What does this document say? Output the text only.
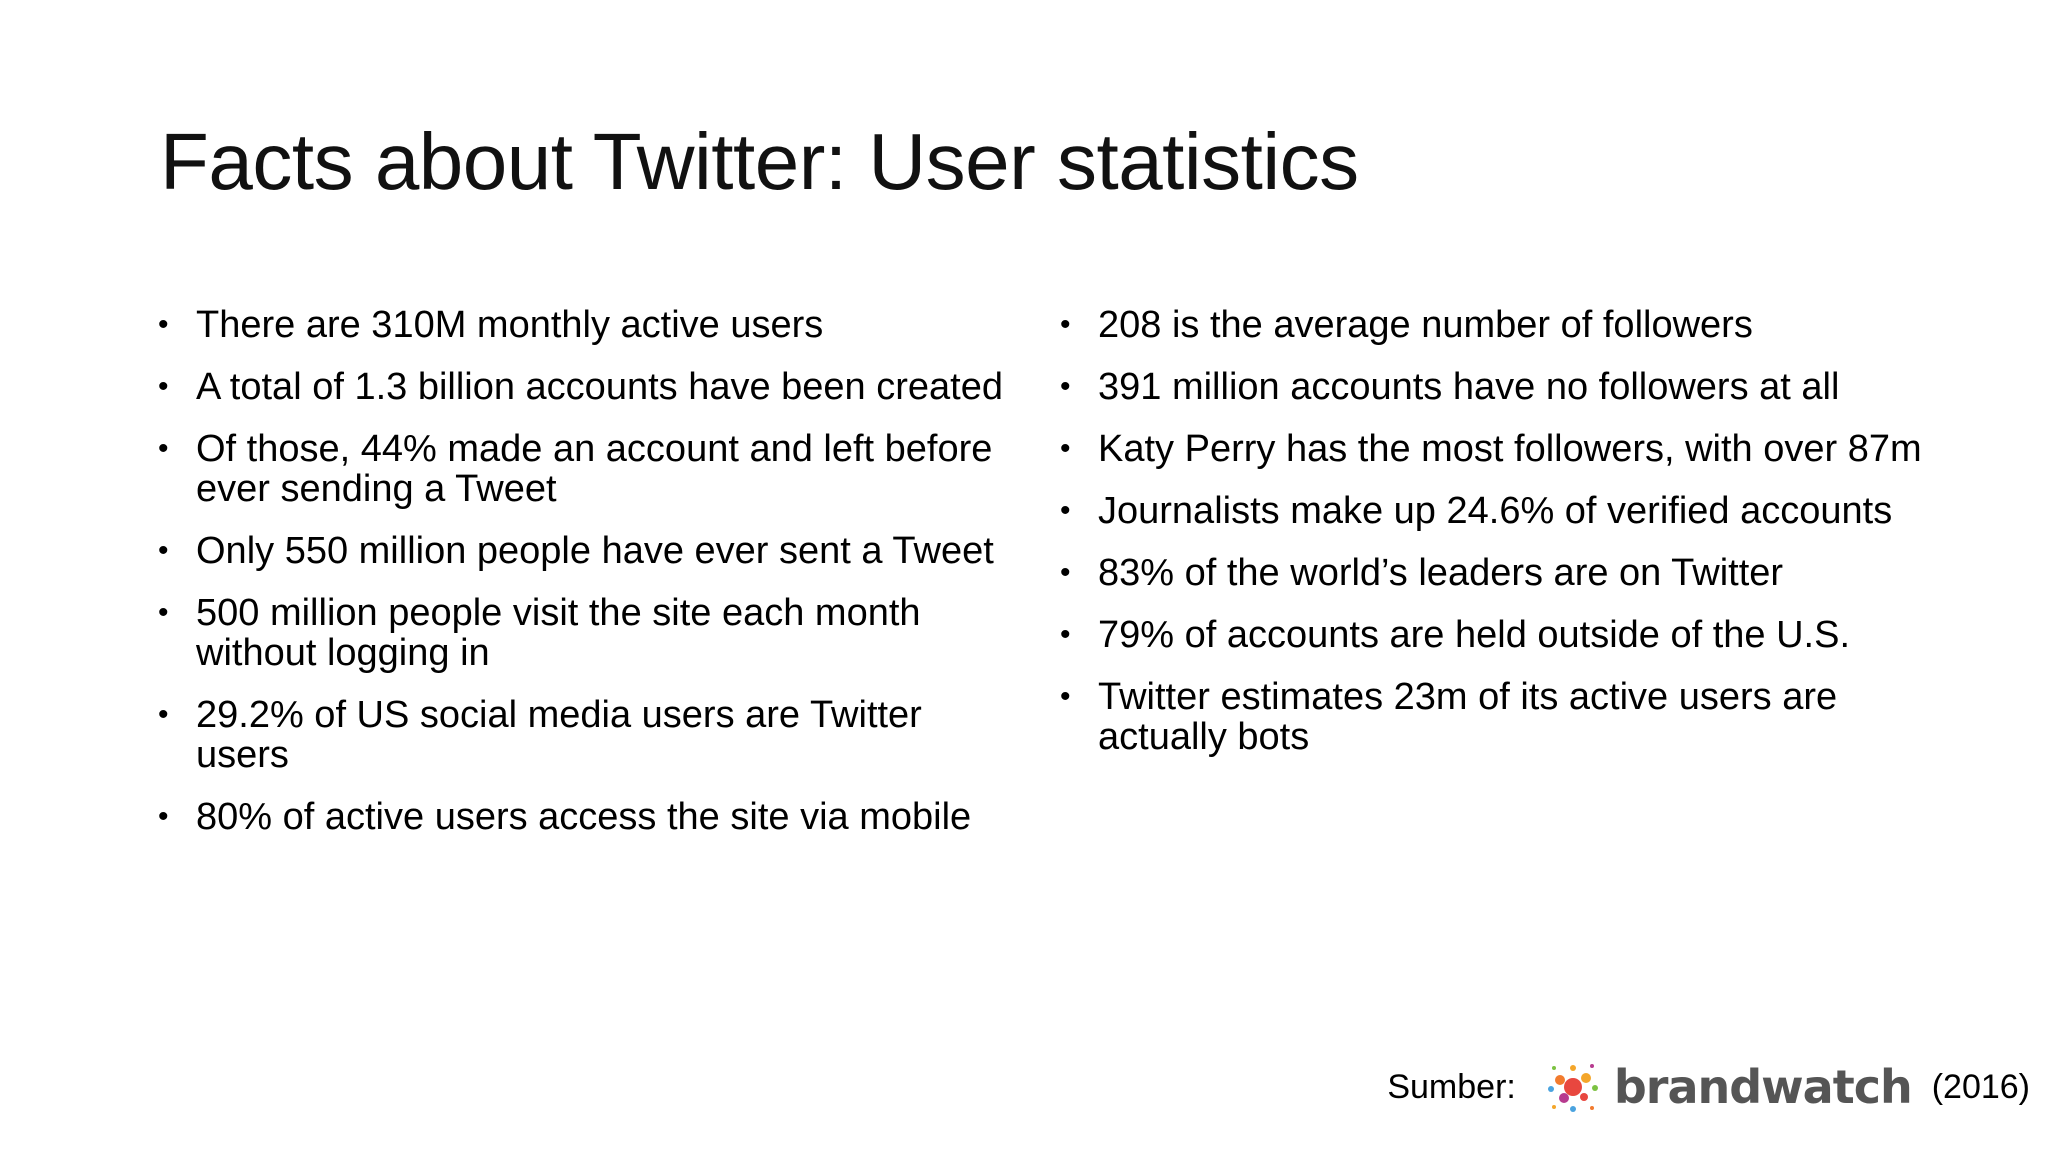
Facts about Twitter: User statistics
• There are 310M monthly active users
• A total of 1.3 billion accounts have been created
• Of those, 44% made an account and left before ever sending a Tweet
• Only 550 million people have ever sent a Tweet
• 500 million people visit the site each month without logging in
• 29.2% of US social media users are Twitter users
• 80% of active users access the site via mobile
• 208 is the average number of followers
• 391 million accounts have no followers at all
• Katy Perry has the most followers, with over 87m
• Journalists make up 24.6% of verified accounts
• 83% of the world’s leaders are on Twitter
• 79% of accounts are held outside of the U.S.
• Twitter estimates 23m of its active users are actually bots
Sumber: brandwatch (2016)
